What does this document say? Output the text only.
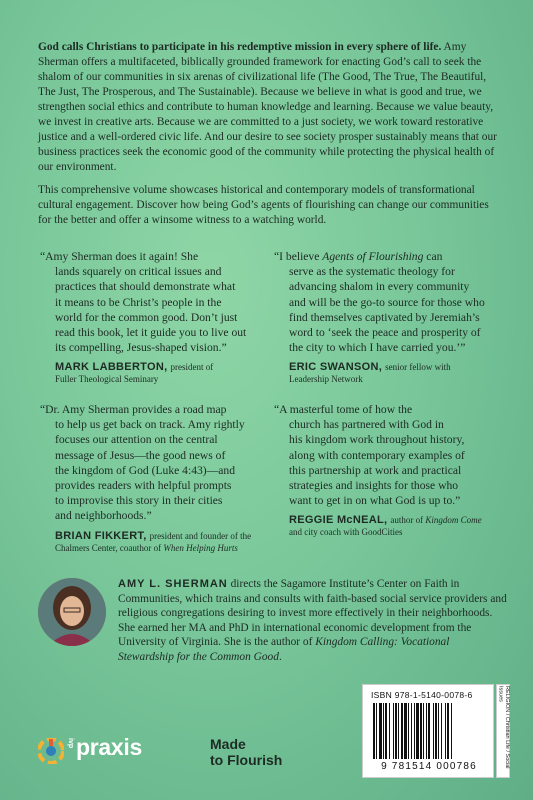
God calls Christians to participate in his redemptive mission in every sphere of life. Amy Sherman offers a multifaceted, biblically grounded framework for enacting God’s call to seek the shalom of our communities in six arenas of civilizational life (The Good, The True, The Beautiful, The Just, The Prosperous, and The Sustainable). Because we believe in what is good and true, we strengthen social ethics and contribute to human knowledge and learning. Because we value beauty, we invest in creative arts. Because we are committed to a just society, we work toward restorative justice and a well-ordered civic life. And our desire to see society prosper sustainably means that our business practices seek the economic good of the community while protecting the physical health of our environment.
This comprehensive volume showcases historical and contemporary models of transformational cultural engagement. Discover how being God’s agents of flourishing can change our communities for the better and offer a winsome witness to a watching world.
“Amy Sherman does it again! She
lands squarely on critical issues and
practices that should demonstrate what
it means to be Christ’s people in the
world for the common good. Don’t just
read this book, let it guide you to live out
its compelling, Jesus-shaped vision.”
MARK LABBERTON, president of
Fuller Theological Seminary
“I believe Agents of Flourishing can
serve as the systematic theology for
advancing shalom in every community
and will be the go-to source for those who
find themselves captivated by Jeremiah’s
word to ‘seek the peace and prosperity of
the city to which I have carried you.’”
ERIC SWANSON, senior fellow with
Leadership Network
“Dr. Amy Sherman provides a road map
to help us get back on track. Amy rightly
focuses our attention on the central
message of Jesus—the good news of
the kingdom of God (Luke 4:43)—and
provides readers with helpful prompts
to improvise this story in their cities
and neighborhoods.”
BRIAN FIKKERT, president and founder of the
Chalmers Center, coauthor of When Helping Hurts
“A masterful tome of how the
church has partnered with God in
his kingdom work throughout history,
along with contemporary examples of
this partnership at work and practical
strategies and insights for those who
want to get in on what God is up to.”
REGGIE McNEAL, author of Kingdom Come
and city coach with GoodCities
AMY L. SHERMAN directs the Sagamore Institute’s Center on Faith in Communities, which trains and consults with faith-based social service providers and religious congregations desiring to invest more effectively in their neighborhoods. She earned her MA and PhD in international economic development from the University of Virginia. She is the author of Kingdom Calling: Vocational Stewardship for the Common Good.
ISBN 978-1-5140-0078-6
9 781514 000786	RELIGION / Christian Life / Social Issues
ivp praxis	Made
to Flourish
